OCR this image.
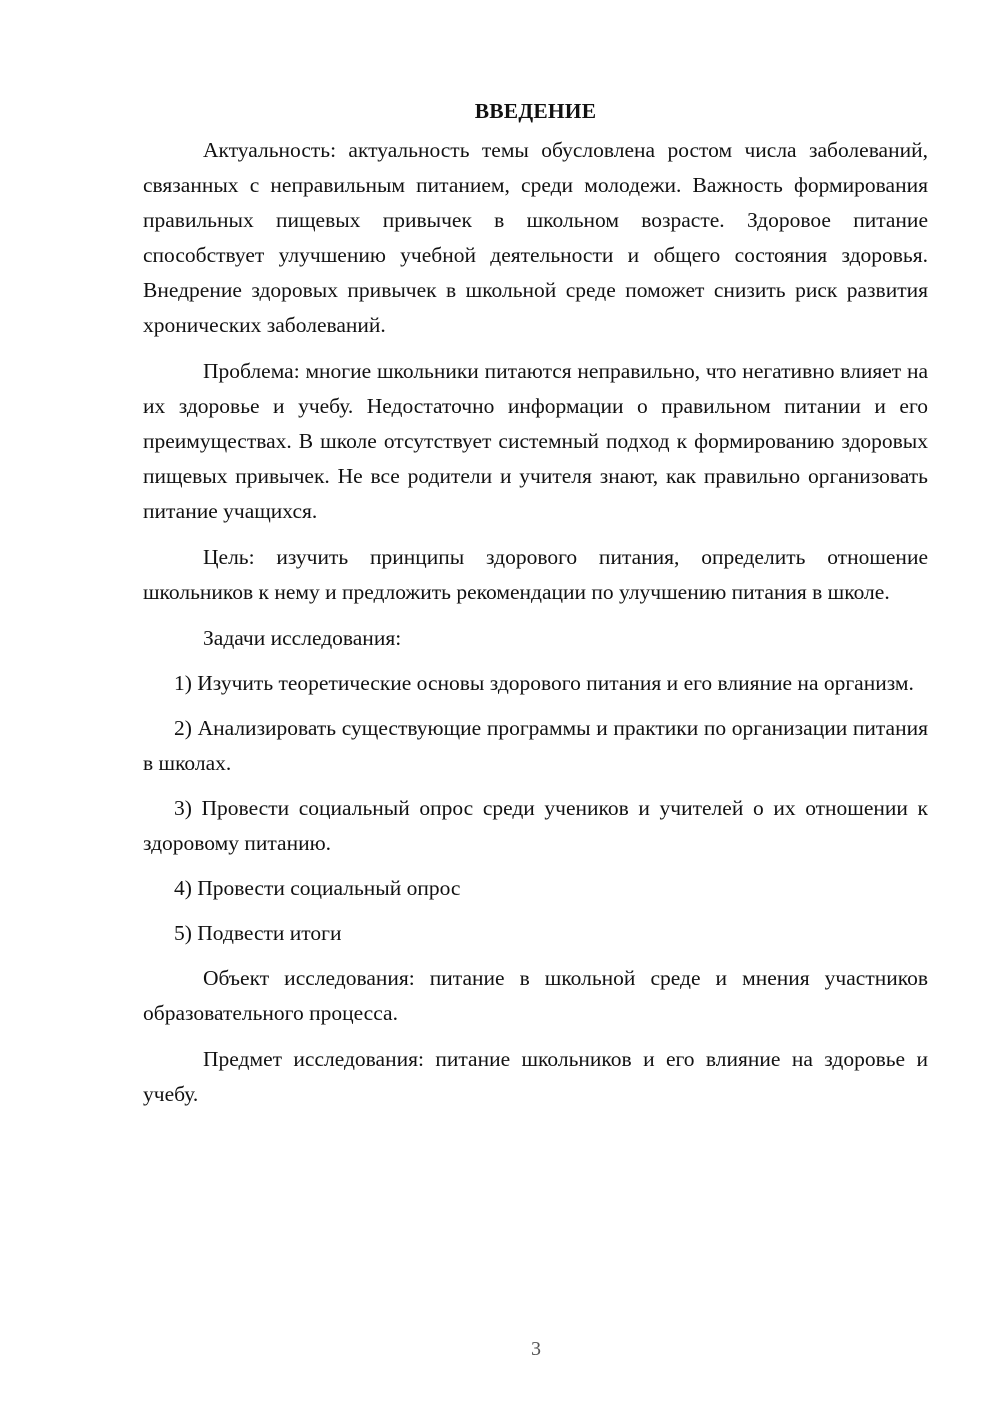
ВВЕДЕНИЕ

Актуальность: актуальность темы обусловлена ростом числа заболеваний, связанных с неправильным питанием, среди молодежи. Важность формирования правильных пищевых привычек в школьном возрасте. Здоровое питание способствует улучшению учебной деятельности и общего состояния здоровья. Внедрение здоровых привычек в школьной среде поможет снизить риск развития хронических заболеваний.

Проблема: многие школьники питаются неправильно, что негативно влияет на их здоровье и учебу. Недостаточно информации о правильном питании и его преимуществах. В школе отсутствует системный подход к формированию здоровых пищевых привычек. Не все родители и учителя знают, как правильно организовать питание учащихся.

Цель: изучить принципы здорового питания, определить отношение школьников к нему и предложить рекомендации по улучшению питания в школе.

Задачи исследования:

1) Изучить теоретические основы здорового питания и его влияние на организм.

2) Анализировать существующие программы и практики по организации питания в школах.

3) Провести социальный опрос среди учеников и учителей о их отношении к здоровому питанию.

4) Провести социальный опрос

5) Подвести итоги

Объект исследования: питание в школьной среде и мнения участников образовательного процесса.

Предмет исследования: питание школьников и его влияние на здоровье и учебу.

3
